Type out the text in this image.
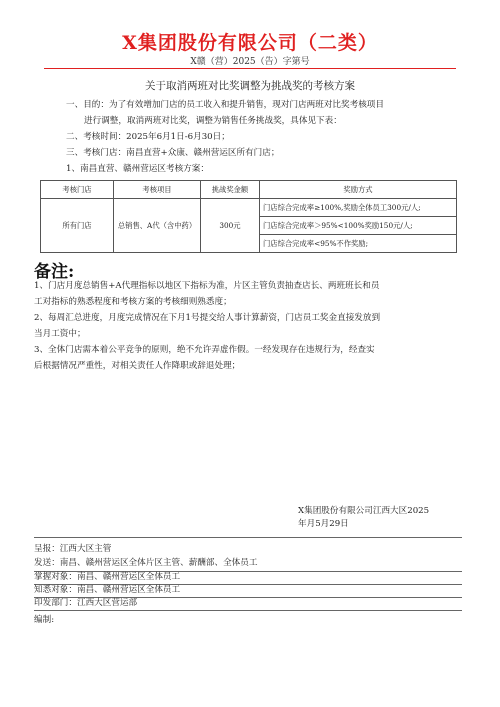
X集团股份有限公司（二类）
X赣（营）2025（告）字第号
关于取消两班对比奖调整为挑战奖的考核方案
一、目的：为了有效增加门店的员工收入和提升销售，现对门店两班对比奖考核项目
进行调整，取消两班对比奖，调整为销售任务挑战奖，具体见下表：
二、考核时间：2025年6月1日-6月30日；
三、考核门店：南昌直营+众康、赣州营运区所有门店；
1、南昌直营、赣州营运区考核方案：
考核门店	考核项目	挑战奖金额	奖励方式
所有门店	总销售、A代（含中药）	300元	门店综合完成率≥100%,奖励全体员工300元/人;
			门店综合完成率＞95%<100%奖励150元/人;
			门店综合完成率<95%不作奖励;
备注:
1、门店月度总销售+A代理指标以地区下指标为准，片区主管负责抽查店长、两班班长和员
工对指标的熟悉程度和考核方案的考核细则熟悉度；
2、每周汇总进度，月度完成情况在下月1号提交给人事计算薪资，门店员工奖金直接发放到
当月工资中；
3、全体门店需本着公平竞争的原则，绝不允许弄虚作假。一经发现存在违规行为，经查实
后根据情况严重性，对相关责任人作降职或辞退处理；
X集团股份有限公司江西大区2025
年月5月29日
呈报：江西大区主管
发送：南昌、赣州营运区全体片区主管、薪酬部、全体员工
掌握对象：南昌、赣州营运区全体员工
知悉对象：南昌、赣州营运区全体员工
印发部门：江西大区营运部
编制:
